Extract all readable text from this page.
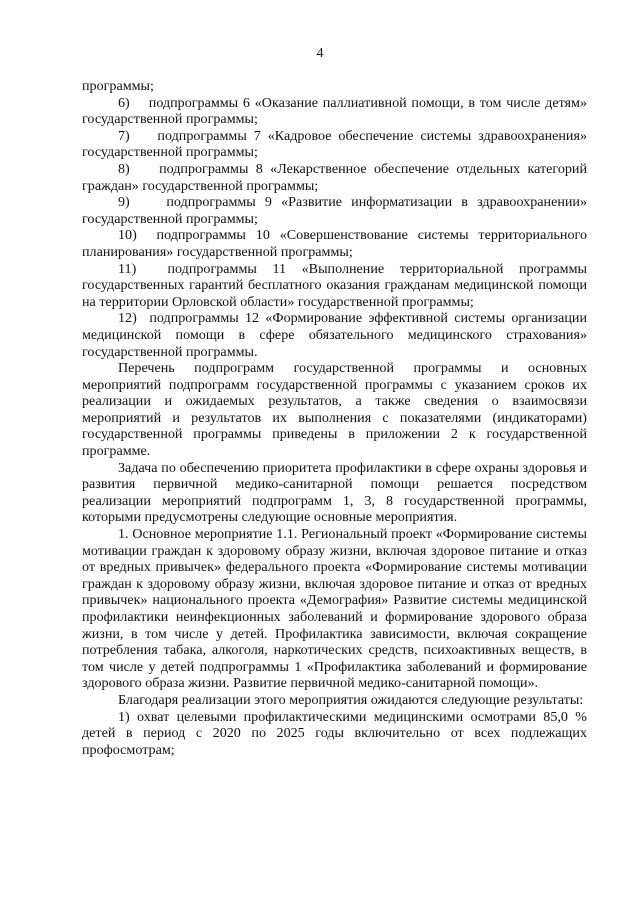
4

программы;

6)    подпрограммы 6 «Оказание паллиативной помощи, в том числе детям» государственной программы;

7)    подпрограммы 7 «Кадровое обеспечение системы здравоохранения» государственной программы;

8)    подпрограммы 8 «Лекарственное обеспечение отдельных категорий граждан» государственной программы;

9)    подпрограммы 9 «Развитие информатизации в здравоохранении» государственной программы;

10)  подпрограммы 10 «Совершенствование системы территориального планирования» государственной программы;

11)  подпрограммы 11 «Выполнение территориальной программы государственных гарантий бесплатного оказания гражданам медицинской помощи на территории Орловской области» государственной программы;

12)  подпрограммы 12 «Формирование эффективной системы организации медицинской помощи в сфере обязательного медицинского страхования» государственной программы.

Перечень подпрограмм государственной программы и основных мероприятий подпрограмм государственной программы с указанием сроков их реализации и ожидаемых результатов, а также сведения о взаимосвязи мероприятий и результатов их выполнения с показателями (индикаторами) государственной программы приведены в приложении 2 к государственной программе.

Задача по обеспечению приоритета профилактики в сфере охраны здоровья и развития первичной медико-санитарной помощи решается посредством реализации мероприятий подпрограмм 1, 3, 8 государственной программы, которыми предусмотрены следующие основные мероприятия.

1. Основное мероприятие 1.1. Региональный проект «Формирование системы мотивации граждан к здоровому образу жизни, включая здоровое питание и отказ от вредных привычек» федерального проекта «Формирование системы мотивации граждан к здоровому образу жизни, включая здоровое питание и отказ от вредных привычек» национального проекта «Демография» Развитие системы медицинской профилактики неинфекционных заболеваний и формирование здорового образа жизни, в том числе у детей. Профилактика зависимости, включая сокращение потребления табака, алкоголя, наркотических средств, психоактивных веществ, в том числе у детей подпрограммы 1 «Профилактика заболеваний и формирование здорового образа жизни. Развитие первичной медико-санитарной помощи».

Благодаря реализации этого мероприятия ожидаются следующие результаты:

1) охват целевыми профилактическими медицинскими осмотрами 85,0 % детей в период с 2020 по 2025 годы включительно от всех подлежащих профосмотрам;
